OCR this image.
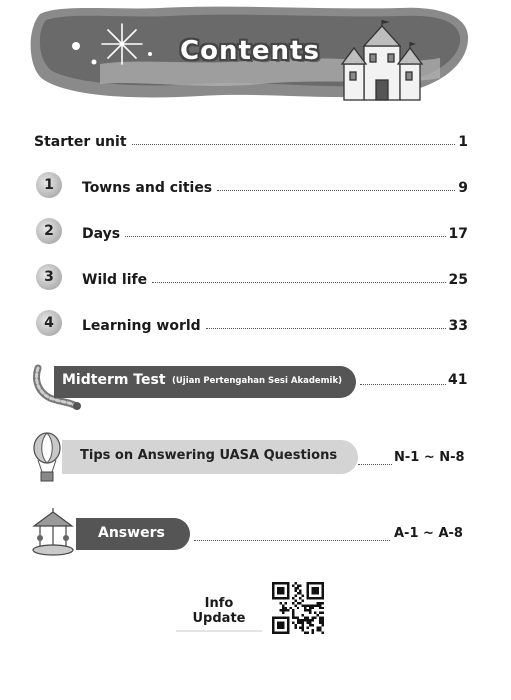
Contents
Starter unit	1
1	Towns and cities	9
2	Days	17
3	Wild life	25
4	Learning world	33
Midterm Test (Ujian Pertengahan Sesi Akademik)	41
Tips on Answering UASA Questions	N-1 ~ N-8
Answers	A-1 ~ A-8
Info Update
